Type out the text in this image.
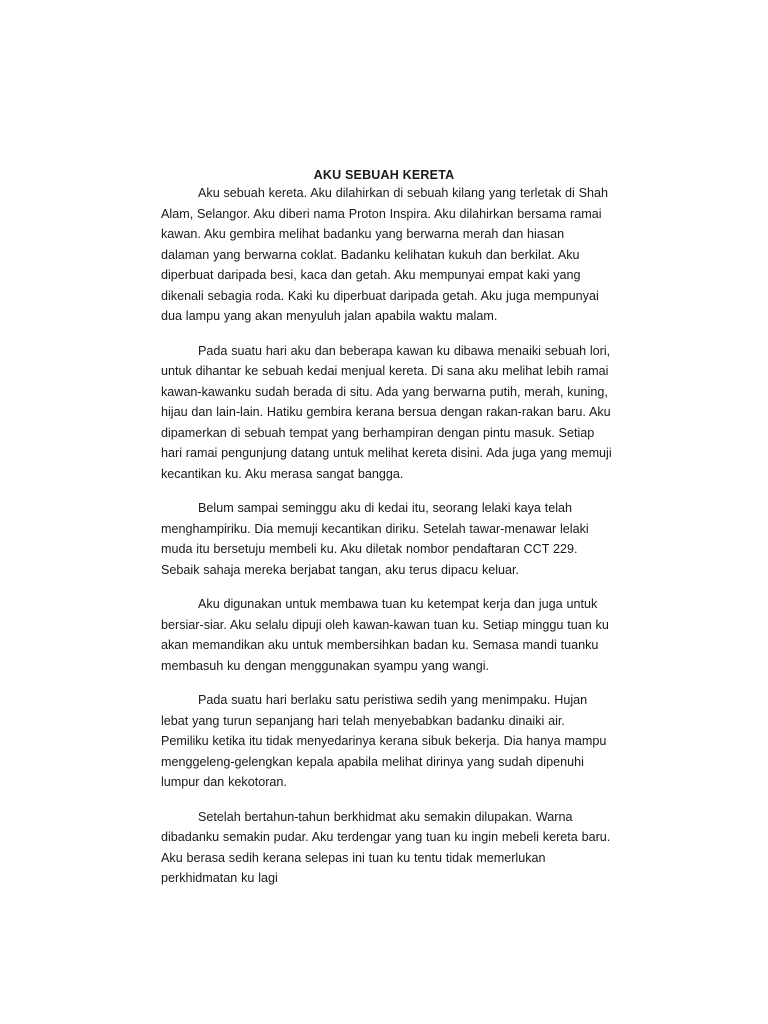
AKU SEBUAH KERETA

Aku sebuah kereta. Aku dilahirkan di sebuah kilang yang terletak di Shah Alam, Selangor. Aku diberi nama Proton Inspira. Aku dilahirkan bersama ramai kawan. Aku gembira melihat badanku yang berwarna merah dan hiasan dalaman yang berwarna coklat. Badanku kelihatan kukuh dan berkilat. Aku diperbuat daripada besi, kaca dan getah. Aku mempunyai empat kaki yang dikenali sebagia roda. Kaki ku diperbuat daripada getah. Aku juga mempunyai dua lampu yang akan menyuluh jalan apabila waktu malam.

Pada suatu hari aku dan beberapa kawan ku dibawa menaiki sebuah lori, untuk dihantar ke sebuah kedai menjual kereta. Di sana aku melihat lebih ramai kawan-kawanku sudah berada di situ. Ada yang berwarna putih, merah, kuning, hijau dan lain-lain. Hatiku gembira kerana bersua dengan rakan-rakan baru. Aku dipamerkan di sebuah tempat yang berhampiran dengan pintu masuk. Setiap hari ramai pengunjung datang untuk melihat kereta disini. Ada juga yang memuji kecantikan ku. Aku merasa sangat bangga.

Belum sampai seminggu aku di kedai itu, seorang lelaki kaya telah menghampiriku. Dia memuji kecantikan diriku. Setelah tawar-menawar lelaki muda itu bersetuju membeli ku. Aku diletak nombor pendaftaran CCT 229. Sebaik sahaja mereka berjabat tangan, aku terus dipacu keluar.

Aku digunakan untuk membawa tuan ku ketempat kerja dan juga untuk bersiar-siar. Aku selalu dipuji oleh kawan-kawan tuan ku. Setiap minggu tuan ku akan memandikan aku untuk membersihkan badan ku. Semasa mandi tuanku membasuh ku dengan menggunakan syampu yang wangi.

Pada suatu hari berlaku satu peristiwa sedih yang menimpaku. Hujan lebat yang turun sepanjang hari telah menyebabkan badanku dinaiki air. Pemiliku ketika itu tidak menyedarinya kerana sibuk bekerja. Dia hanya mampu menggeleng-gelengkan kepala apabila melihat dirinya yang sudah dipenuhi lumpur dan kekotoran.

Setelah bertahun-tahun berkhidmat aku semakin dilupakan. Warna dibadanku semakin pudar. Aku terdengar yang tuan ku ingin mebeli kereta baru. Aku berasa sedih kerana selepas ini tuan ku tentu tidak memerlukan perkhidmatan ku lagi
